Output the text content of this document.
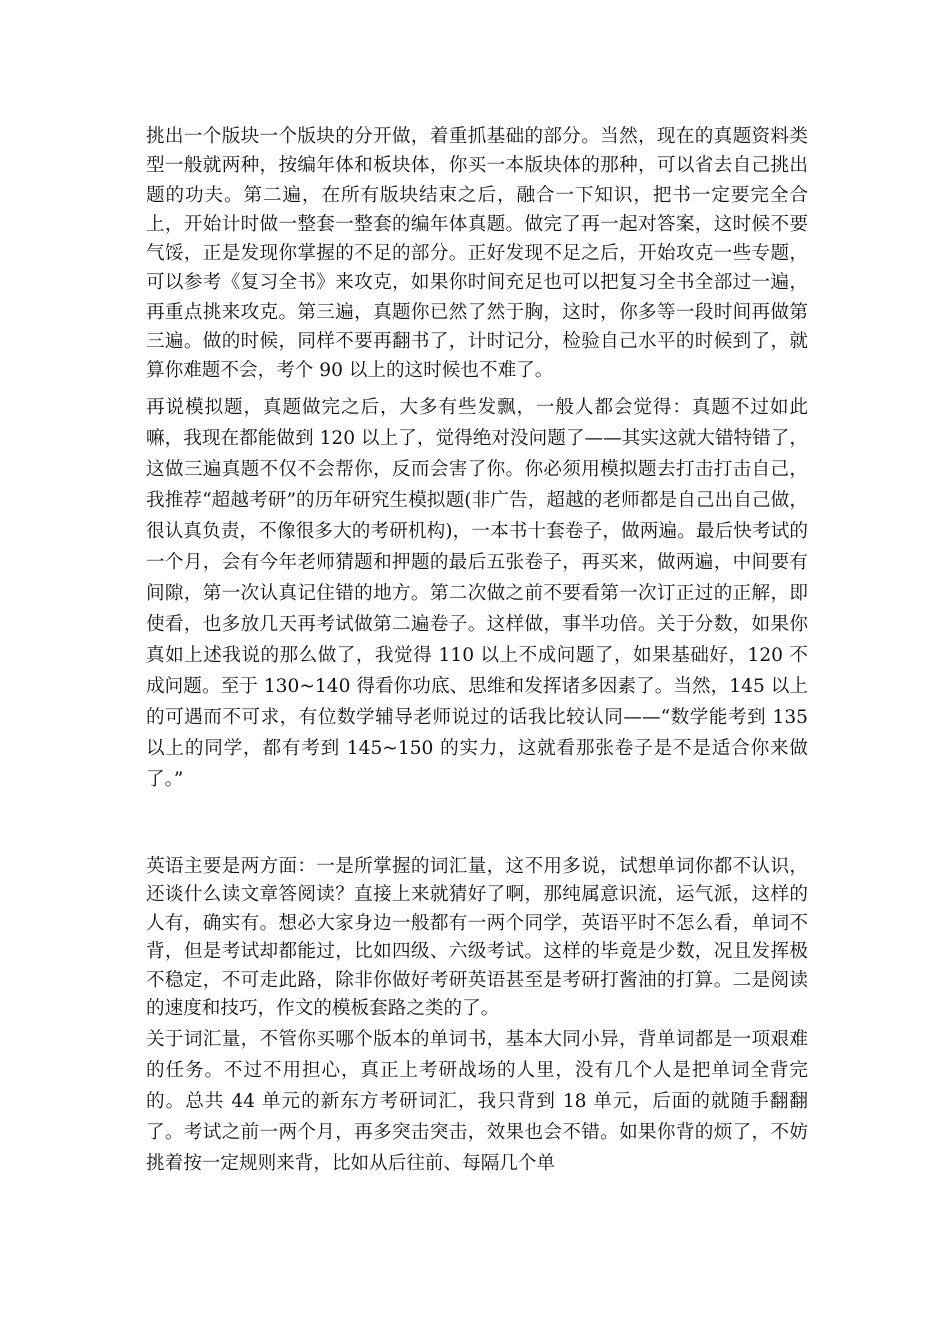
挑出一个版块一个版块的分开做，着重抓基础的部分。当然，现在的真题资料类型一般就两种，按编年体和板块体，你买一本版块体的那种，可以省去自己挑出题的功夫。第二遍，在所有版块结束之后，融合一下知识，把书一定要完全合上，开始计时做一整套一整套的编年体真题。做完了再一起对答案，这时候不要气馁，正是发现你掌握的不足的部分。正好发现不足之后，开始攻克一些专题，可以参考《复习全书》来攻克，如果你时间充足也可以把复习全书全部过一遍，再重点挑来攻克。第三遍，真题你已然了然于胸，这时，你多等一段时间再做第三遍。做的时候，同样不要再翻书了，计时记分，检验自己水平的时候到了，就算你难题不会，考个 90 以上的这时候也不难了。

再说模拟题，真题做完之后，大多有些发飘，一般人都会觉得：真题不过如此嘛，我现在都能做到 120 以上了，觉得绝对没问题了——其实这就大错特错了，这做三遍真题不仅不会帮你，反而会害了你。你必须用模拟题去打击打击自己，我推荐“超越考研”的历年研究生模拟题(非广告，超越的老师都是自己出自己做，很认真负责，不像很多大的考研机构)，一本书十套卷子，做两遍。最后快考试的一个月，会有今年老师猜题和押题的最后五张卷子，再买来，做两遍，中间要有间隙，第一次认真记住错的地方。第二次做之前不要看第一次订正过的正解，即使看，也多放几天再考试做第二遍卷子。这样做，事半功倍。关于分数，如果你真如上述我说的那么做了，我觉得 110 以上不成问题了，如果基础好，120 不成问题。至于 130~140 得看你功底、思维和发挥诸多因素了。当然，145 以上的可遇而不可求，有位数学辅导老师说过的话我比较认同——“数学能考到 135 以上的同学，都有考到 145~150 的实力，这就看那张卷子是不是适合你来做了。”

英语主要是两方面：一是所掌握的词汇量，这不用多说，试想单词你都不认识，还谈什么读文章答阅读？直接上来就猜好了啊，那纯属意识流，运气派，这样的人有，确实有。想必大家身边一般都有一两个同学，英语平时不怎么看，单词不背，但是考试却都能过，比如四级、六级考试。这样的毕竟是少数，况且发挥极不稳定，不可走此路，除非你做好考研英语甚至是考研打酱油的打算。二是阅读的速度和技巧，作文的模板套路之类的了。

关于词汇量，不管你买哪个版本的单词书，基本大同小异，背单词都是一项艰难的任务。不过不用担心，真正上考研战场的人里，没有几个人是把单词全背完的。总共 44 单元的新东方考研词汇，我只背到 18 单元，后面的就随手翻翻了。考试之前一两个月，再多突击突击，效果也会不错。如果你背的烦了，不妨挑着按一定规则来背，比如从后往前、每隔几个单
